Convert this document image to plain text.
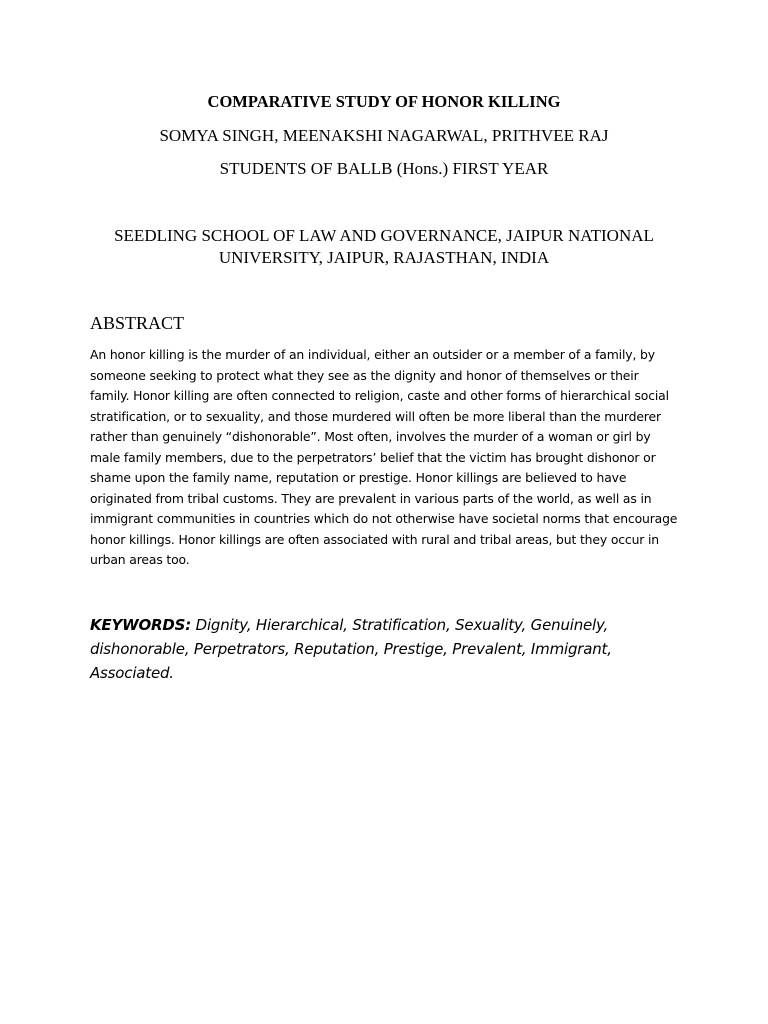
COMPARATIVE STUDY OF HONOR KILLING
SOMYA SINGH, MEENAKSHI NAGARWAL, PRITHVEE RAJ
STUDENTS OF BALLB (Hons.) FIRST YEAR
SEEDLING SCHOOL OF LAW AND GOVERNANCE, JAIPUR NATIONAL UNIVERSITY, JAIPUR, RAJASTHAN, INDIA
ABSTRACT
An honor killing is the murder of an individual, either an outsider or a member of a family, by someone seeking to protect what they see as the dignity and honor of themselves or their family. Honor killing are often connected to religion, caste and other forms of hierarchical social stratification, or to sexuality, and those murdered will often be more liberal than the murderer rather than genuinely “dishonorable”. Most often, involves the murder of a woman or girl by male family members, due to the perpetrators’ belief that the victim has brought dishonor or shame upon the family name, reputation or prestige. Honor killings are believed to have originated from tribal customs. They are prevalent in various parts of the world, as well as in immigrant communities in countries which do not otherwise have societal norms that encourage honor killings. Honor killings are often associated with rural and tribal areas, but they occur in urban areas too.
KEYWORDS: Dignity, Hierarchical, Stratification, Sexuality, Genuinely, dishonorable, Perpetrators, Reputation, Prestige, Prevalent, Immigrant, Associated.
